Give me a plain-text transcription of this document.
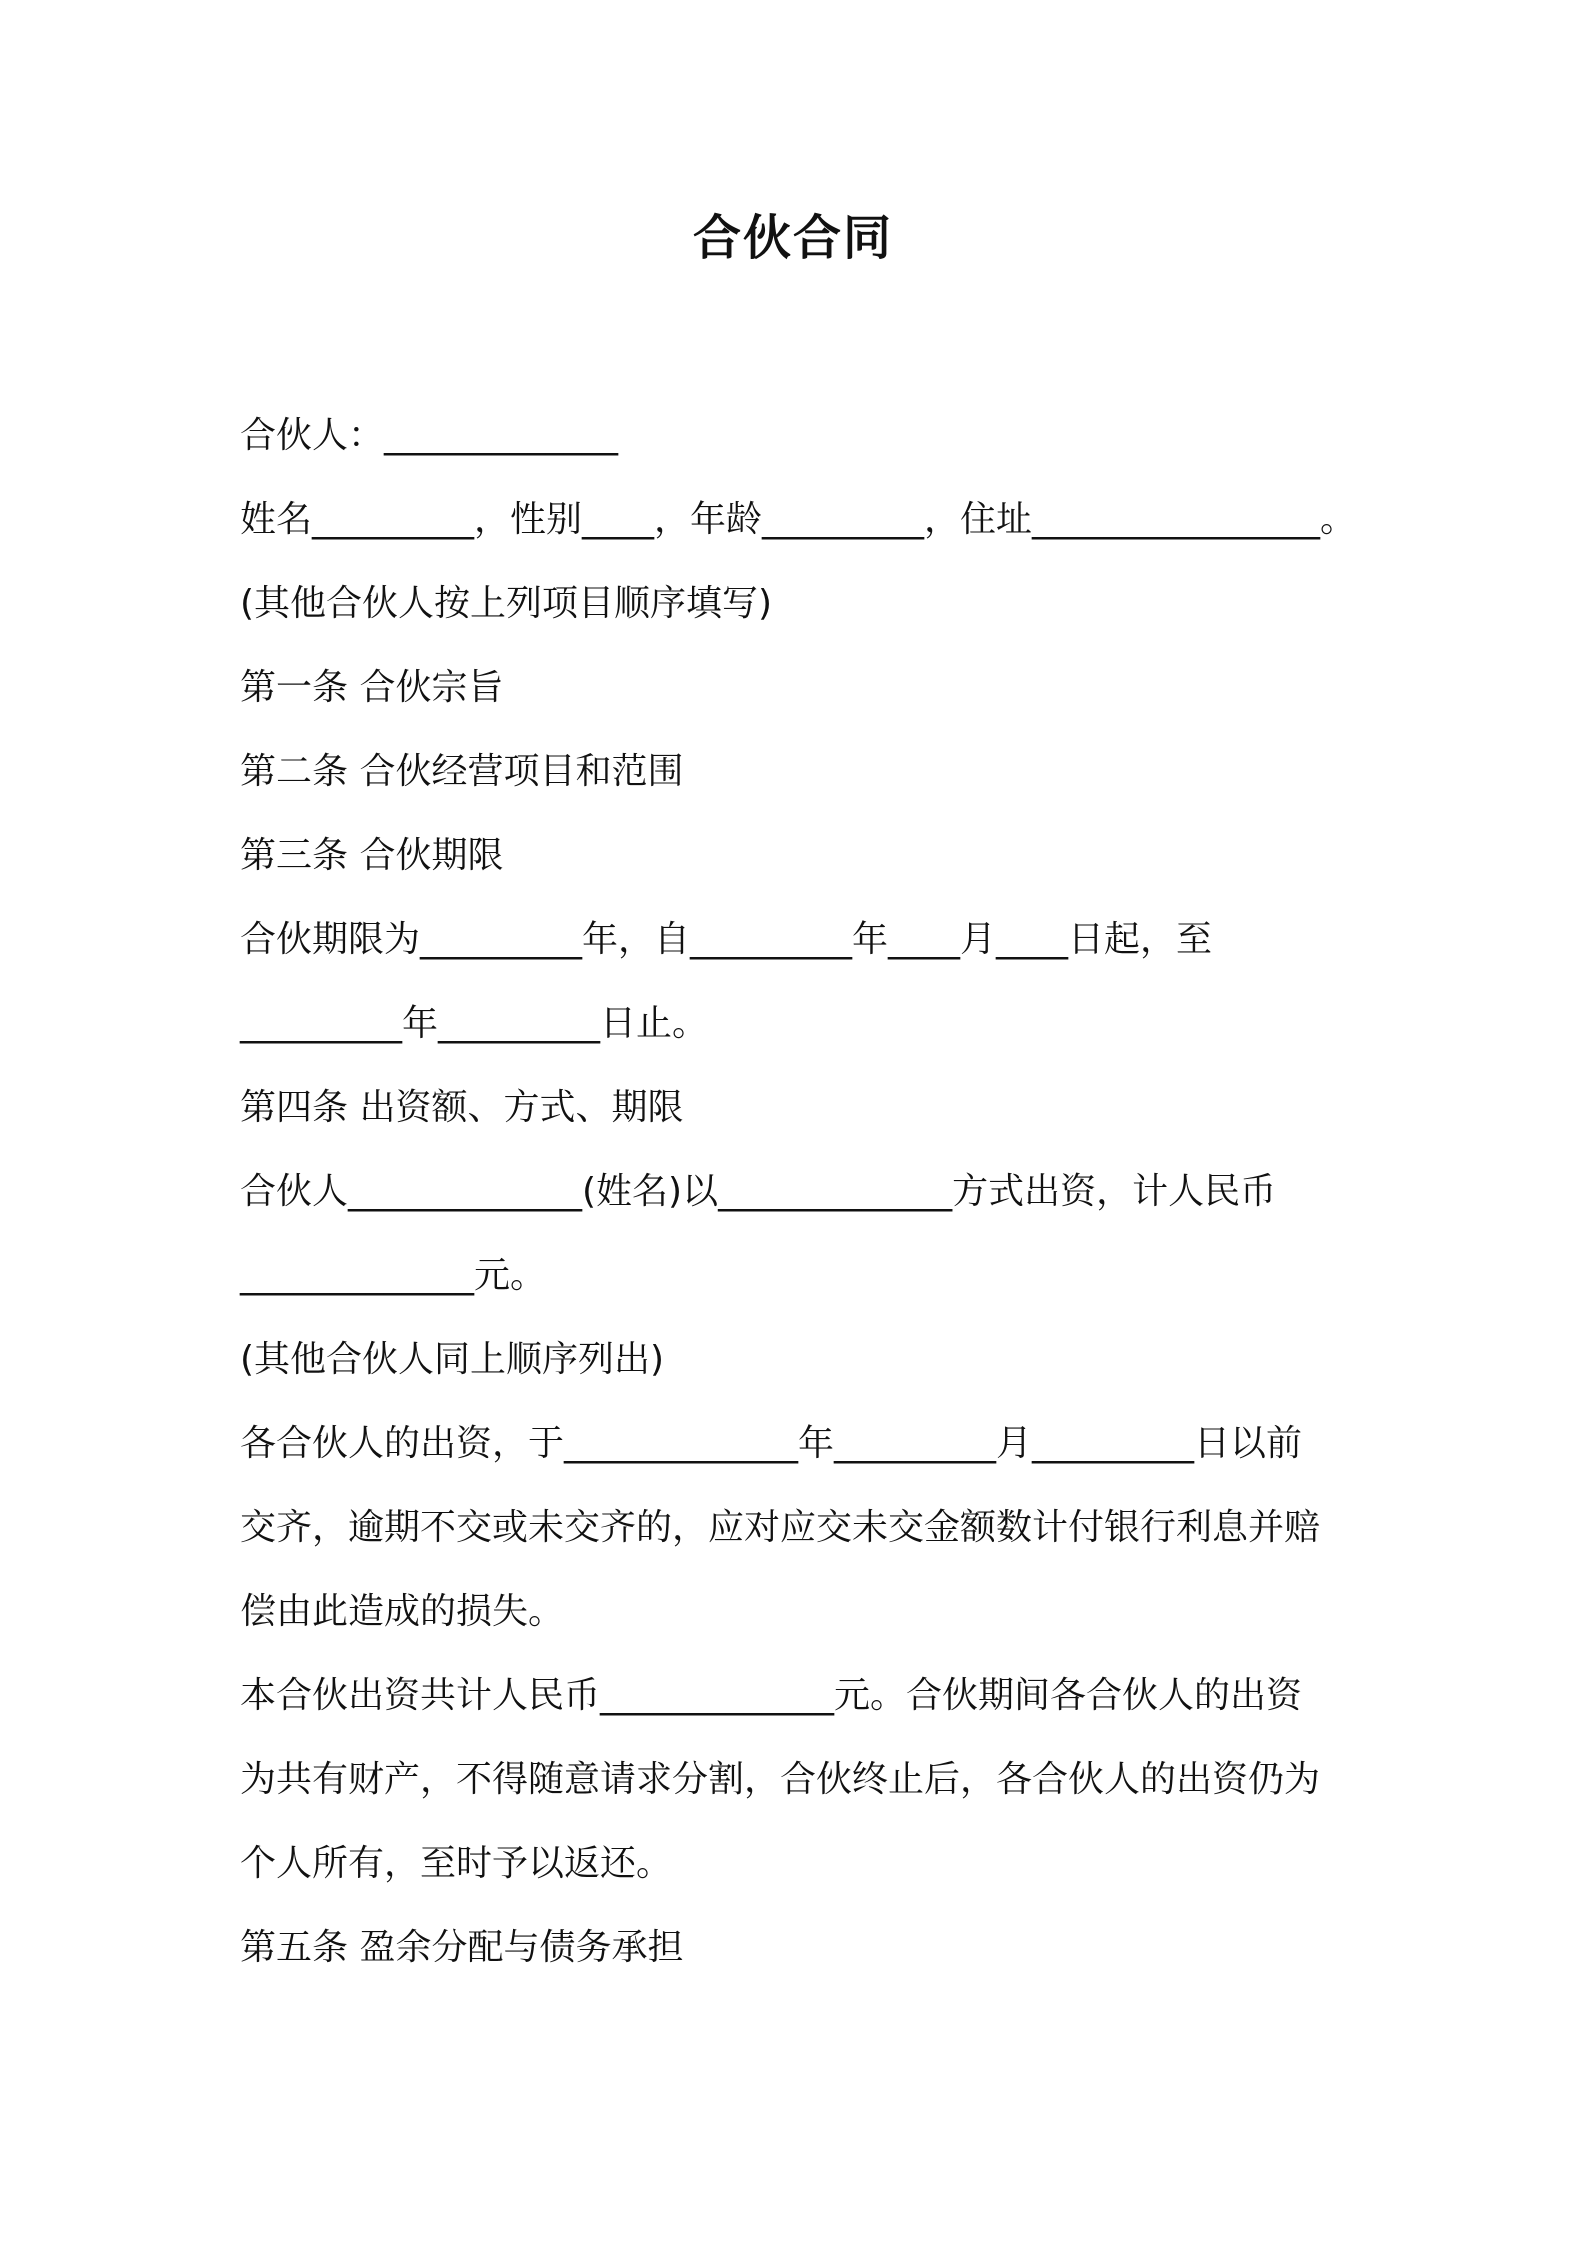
合伙合同
合伙人：_____________
姓名_________，性别____，年龄_________，住址________________。
(其他合伙人按上列项目顺序填写)
第一条 合伙宗旨
第二条 合伙经营项目和范围
第三条 合伙期限
合伙期限为_________年，自_________年____月____日起，至
_________年_________日止。
第四条 出资额、方式、期限
合伙人_____________(姓名)以_____________方式出资，计人民币
_____________元。
(其他合伙人同上顺序列出)
各合伙人的出资，于_____________年_________月_________日以前
交齐，逾期不交或未交齐的，应对应交未交金额数计付银行利息并赔
偿由此造成的损失。
本合伙出资共计人民币_____________元。合伙期间各合伙人的出资
为共有财产，不得随意请求分割，合伙终止后，各合伙人的出资仍为
个人所有，至时予以返还。
第五条 盈余分配与债务承担
